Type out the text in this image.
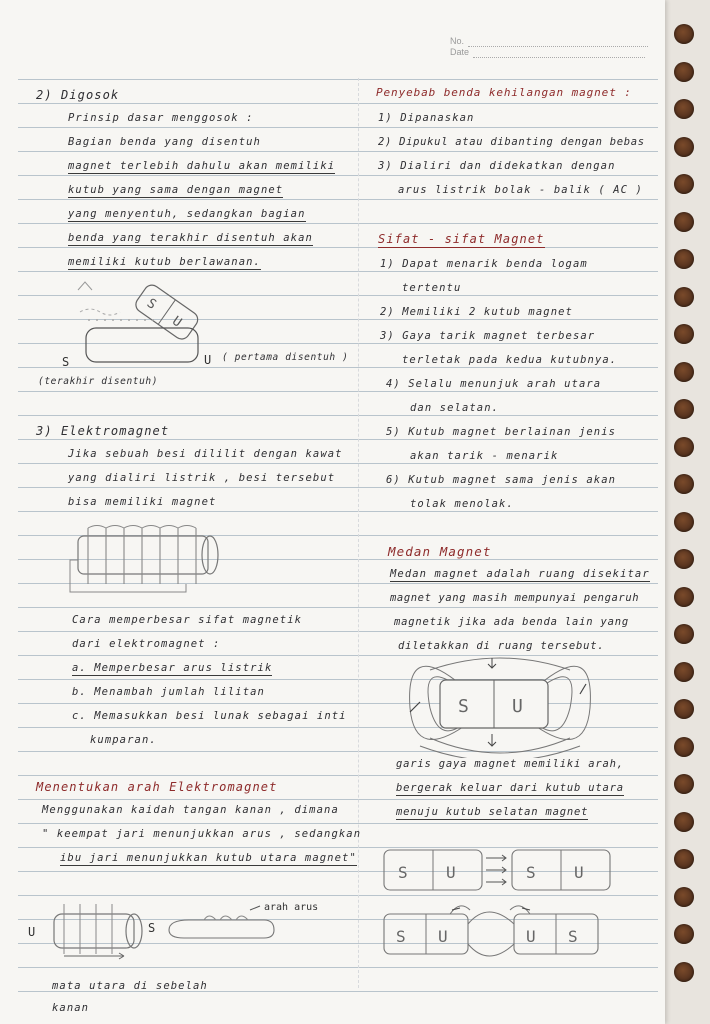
No.
Date
2) Digosok
Prinsip dasar menggosok :
Bagian benda yang disentuh
magnet terlebih dahulu akan memiliki
kutub yang sama dengan magnet
yang menyentuh, sedangkan bagian
benda yang terakhir disentuh akan
memiliki kutub berlawanan.
S
U
S	U ( pertama disentuh )
(terakhir disentuh)
3) Elektromagnet
Jika sebuah besi dililit dengan kawat
yang dialiri listrik , besi tersebut
bisa memiliki magnet
Cara memperbesar sifat magnetik
dari elektromagnet :
a. Memperbesar arus listrik
b. Menambah jumlah lilitan
c. Memasukkan besi lunak sebagai inti
kumparan.
Menentukan arah Elektromagnet
Menggunakan kaidah tangan kanan , dimana
" keempat jari menunjukkan arus , sedangkan
ibu jari menunjukkan kutub utara magnet"
U	S
arah arus
mata utara di sebelah
kanan
Penyebab benda kehilangan magnet :
1) Dipanaskan
2) Dipukul atau dibanting dengan bebas
3) Dialiri dan didekatkan dengan
arus listrik bolak - balik ( AC )
Sifat - sifat Magnet
1) Dapat menarik benda logam
tertentu
2) Memiliki 2 kutub magnet
3) Gaya tarik magnet terbesar
terletak pada kedua kutubnya.
4) Selalu menunjuk arah utara
dan selatan.
5) Kutub magnet berlainan jenis
akan tarik - menarik
6) Kutub magnet sama jenis akan
tolak menolak.
Medan Magnet
Medan magnet adalah ruang disekitar
magnet yang masih mempunyai pengaruh
magnetik jika ada benda lain yang
diletakkan di ruang tersebut.
S U
garis gaya magnet memiliki arah,
bergerak keluar dari kutub utara
menuju kutub selatan magnet
S U	S U
S U	U S
